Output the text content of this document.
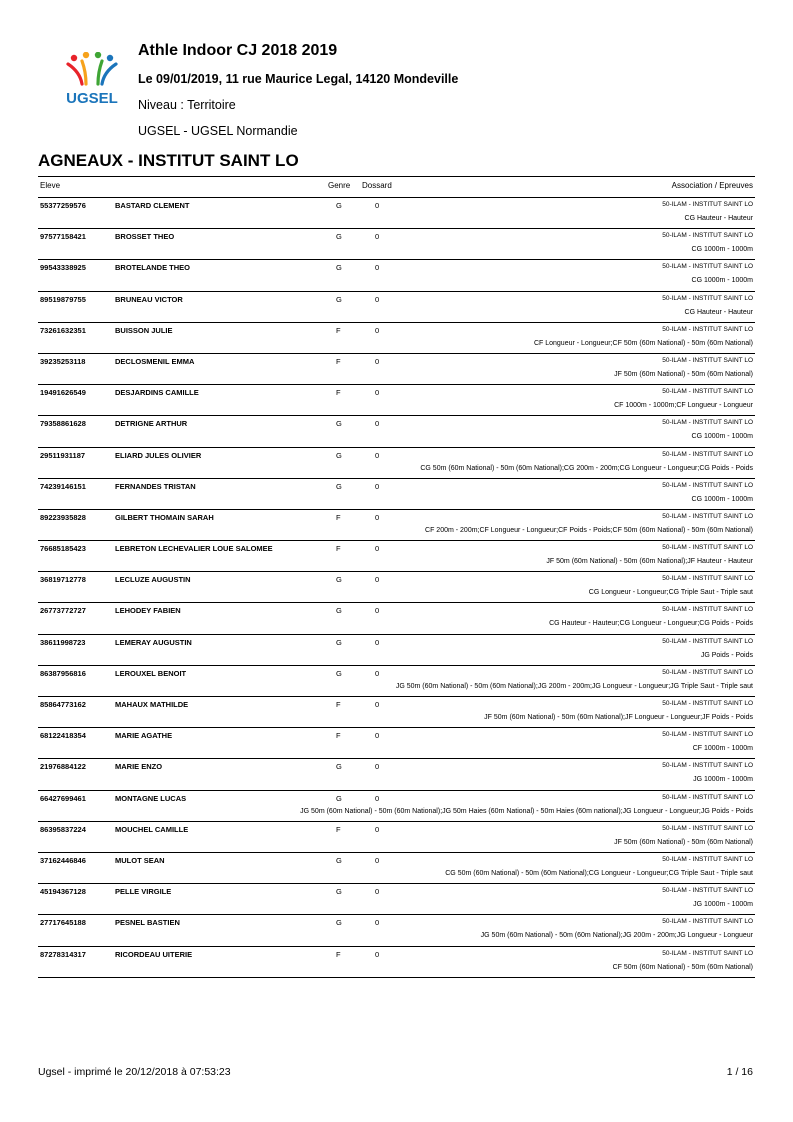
UGSEL
Athle Indoor CJ 2018 2019
Le 09/01/2019, 11 rue Maurice Legal, 14120 Mondeville
Niveau : Territoire
UGSEL - UGSEL Normandie
AGNEAUX - INSTITUT SAINT LO
Eleve	Genre Dossard	Association / Epreuves
55377259576	BASTARD CLEMENT	G	0	50-ILAM - INSTITUT SAINT LO
CG Hauteur - Hauteur
97577158421	BROSSET THEO	G	0	50-ILAM - INSTITUT SAINT LO
CG 1000m - 1000m
99543338925	BROTELANDE THEO	G	0	50-ILAM - INSTITUT SAINT LO
CG 1000m - 1000m
89519879755	BRUNEAU VICTOR	G	0	50-ILAM - INSTITUT SAINT LO
CG Hauteur - Hauteur
73261632351	BUISSON JULIE	F	0	50-ILAM - INSTITUT SAINT LO
CF Longueur - Longueur;CF 50m (60m National) - 50m (60m National)
39235253118	DECLOSMENIL EMMA	F	0	50-ILAM - INSTITUT SAINT LO
JF 50m (60m National) - 50m (60m National)
19491626549	DESJARDINS CAMILLE	F	0	50-ILAM - INSTITUT SAINT LO
CF 1000m - 1000m;CF Longueur - Longueur
79358861628	DETRIGNE ARTHUR	G	0	50-ILAM - INSTITUT SAINT LO
CG 1000m - 1000m
29511931187	ELIARD JULES OLIVIER	G	0	50-ILAM - INSTITUT SAINT LO
CG 50m (60m National) - 50m (60m National);CG 200m - 200m;CG Longueur - Longueur;CG Poids - Poids
74239146151	FERNANDES TRISTAN	G	0	50-ILAM - INSTITUT SAINT LO
CG 1000m - 1000m
89223935828	GILBERT THOMAIN SARAH	F	0	50-ILAM - INSTITUT SAINT LO
CF 200m - 200m;CF Longueur - Longueur;CF Poids - Poids;CF 50m (60m National) - 50m (60m National)
76685185423	LEBRETON LECHEVALIER LOUE SALOMEE	F	0	50-ILAM - INSTITUT SAINT LO
JF 50m (60m National) - 50m (60m National);JF Hauteur - Hauteur
36819712778	LECLUZE AUGUSTIN	G	0	50-ILAM - INSTITUT SAINT LO
CG Longueur - Longueur;CG Triple Saut - Triple saut
26773772727	LEHODEY FABIEN	G	0	50-ILAM - INSTITUT SAINT LO
CG Hauteur - Hauteur;CG Longueur - Longueur;CG Poids - Poids
38611998723	LEMERAY AUGUSTIN	G	0	50-ILAM - INSTITUT SAINT LO
JG Poids - Poids
86387956816	LEROUXEL BENOIT	G	0	50-ILAM - INSTITUT SAINT LO
JG 50m (60m National) - 50m (60m National);JG 200m - 200m;JG Longueur - Longueur;JG Triple Saut - Triple saut
85864773162	MAHAUX MATHILDE	F	0	50-ILAM - INSTITUT SAINT LO
JF 50m (60m National) - 50m (60m National);JF Longueur - Longueur;JF Poids - Poids
68122418354	MARIE AGATHE	F	0	50-ILAM - INSTITUT SAINT LO
CF 1000m - 1000m
21976884122	MARIE ENZO	G	0	50-ILAM - INSTITUT SAINT LO
JG 1000m - 1000m
66427699461	MONTAGNE LUCAS	G	0	50-ILAM - INSTITUT SAINT LO
JG 50m (60m National) - 50m (60m National);JG 50m Haies (60m National) - 50m Haies (60m national);JG Longueur - Longueur;JG Poids - Poids
86395837224	MOUCHEL CAMILLE	F	0	50-ILAM - INSTITUT SAINT LO
JF 50m (60m National) - 50m (60m National)
37162446846	MULOT SEAN	G	0	50-ILAM - INSTITUT SAINT LO
CG 50m (60m National) - 50m (60m National);CG Longueur - Longueur;CG Triple Saut - Triple saut
45194367128	PELLE VIRGILE	G	0	50-ILAM - INSTITUT SAINT LO
JG 1000m - 1000m
27717645188	PESNEL BASTIEN	G	0	50-ILAM - INSTITUT SAINT LO
JG 50m (60m National) - 50m (60m National);JG 200m - 200m;JG Longueur - Longueur
87278314317	RICORDEAU UITERIE	F	0	50-ILAM - INSTITUT SAINT LO
CF 50m (60m National) - 50m (60m National)
Ugsel - imprimé le 20/12/2018 à 07:53:23	1 / 16
